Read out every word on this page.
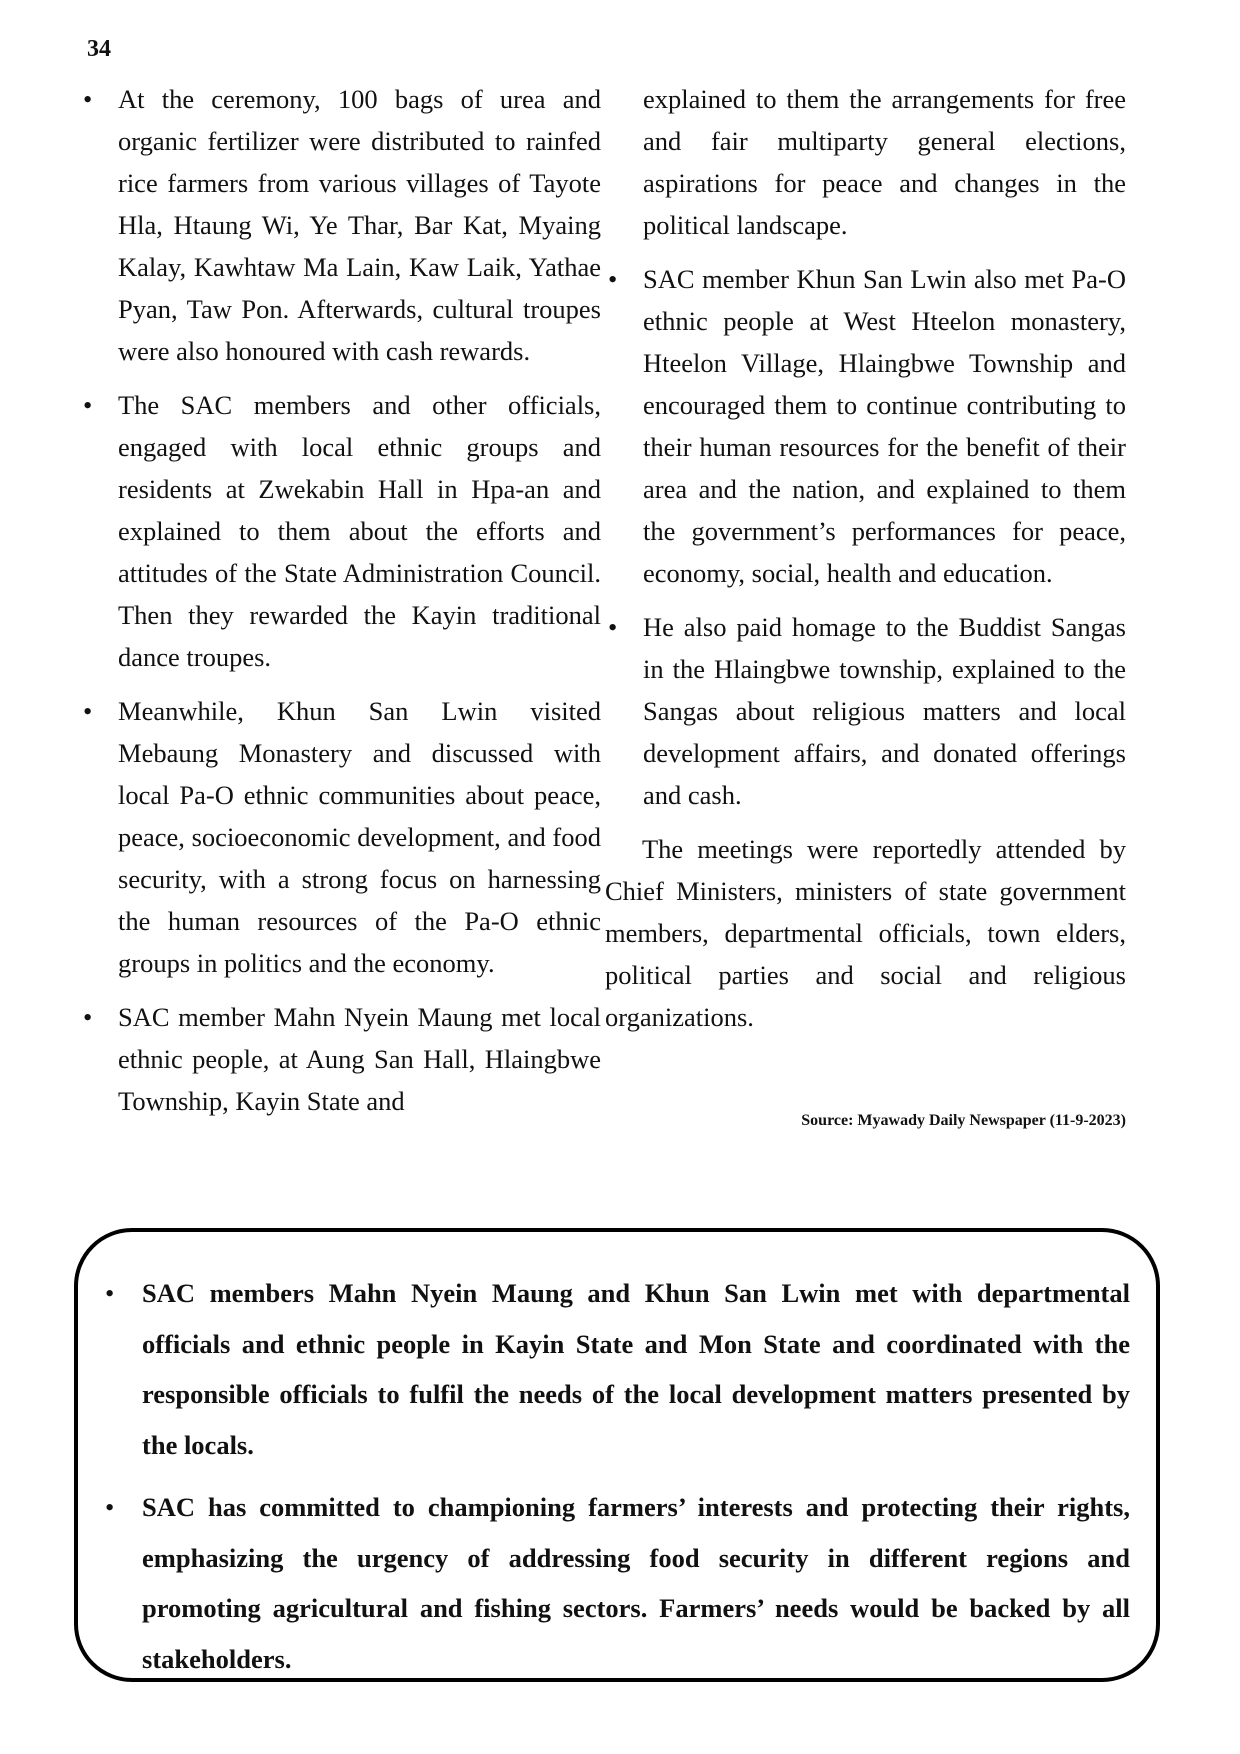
34
• At the ceremony, 100 bags of urea and organic fertilizer were distributed to rainfed rice farmers from various villages of Tayote Hla, Htaung Wi, Ye Thar, Bar Kat, Myaing Kalay, Kawhtaw Ma Lain, Kaw Laik, Yathae Pyan, Taw Pon. Afterwards, cultural troupes were also honoured with cash rewards.
• The SAC members and other officials, engaged with local ethnic groups and residents at Zwekabin Hall in Hpa-an and explained to them about the efforts and attitudes of the State Administration Council. Then they rewarded the Kayin traditional dance troupes.
• Meanwhile, Khun San Lwin visited Mebaung Monastery and discussed with local Pa-O ethnic communities about peace, peace, socioeconomic development, and food security, with a strong focus on harnessing the human resources of the Pa-O ethnic groups in politics and the economy.
• SAC member Mahn Nyein Maung met local ethnic people, at Aung San Hall, Hlaingbwe Township, Kayin State and

explained to them the arrangements for free and fair multiparty general elections, aspirations for peace and changes in the political landscape.

• SAC member Khun San Lwin also met Pa-O ethnic people at West Hteelon monastery, Hteelon Village, Hlaingbwe Township and encouraged them to continue contributing to their human resources for the benefit of their area and the nation, and explained to them the government’s performances for peace, economy, social, health and education.
• He also paid homage to the Buddist Sangas in the Hlaingbwe township, explained to the Sangas about religious matters and local development affairs, and donated offerings and cash.

The meetings were reportedly attended by Chief Ministers, ministers of state government members, departmental officials, town elders, political parties and social and religious organizations.

Source: Myawady Daily Newspaper (11-9-2023)
• SAC members Mahn Nyein Maung and Khun San Lwin met with departmental officials and ethnic people in Kayin State and Mon State and coordinated with the responsible officials to fulfil the needs of the local development matters presented by the locals.
• SAC has committed to championing farmers’ interests and protecting their rights, emphasizing the urgency of addressing food security in different regions and promoting agricultural and fishing sectors. Farmers’ needs would be backed by all stakeholders.
